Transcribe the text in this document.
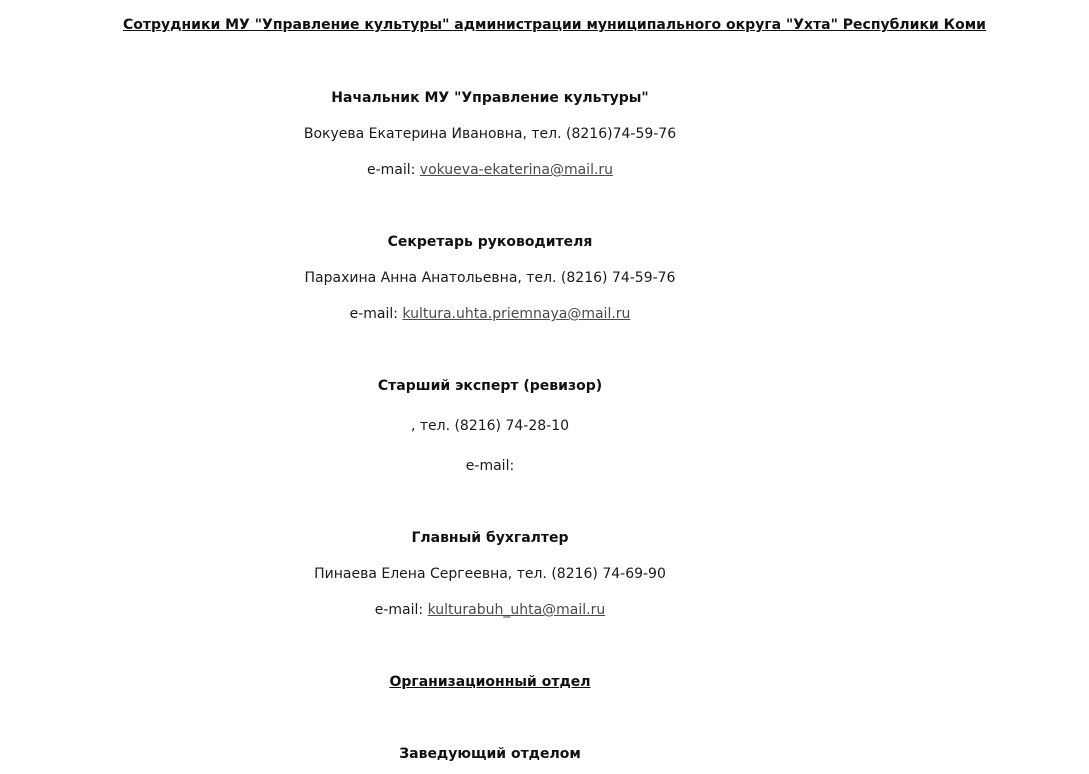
Сотрудники МУ "Управление культуры" администрации муниципального округа "Ухта" Республики Коми
Начальник МУ "Управление культуры"
Вокуева Екатерина Ивановна, тел. (8216)74-59-76
e-mail: vokueva-ekaterina@mail.ru
Секретарь руководителя
Парахина Анна Анатольевна, тел. (8216) 74-59-76
e-mail: kultura.uhta.priemnaya@mail.ru
Старший эксперт (ревизор)
, тел. (8216) 74-28-10
e-mail:
Главный бухгалтер
Пинаева Елена Сергеевна, тел. (8216) 74-69-90
e-mail: kulturabuh_uhta@mail.ru
Организационный отдел
Заведующий отделом
